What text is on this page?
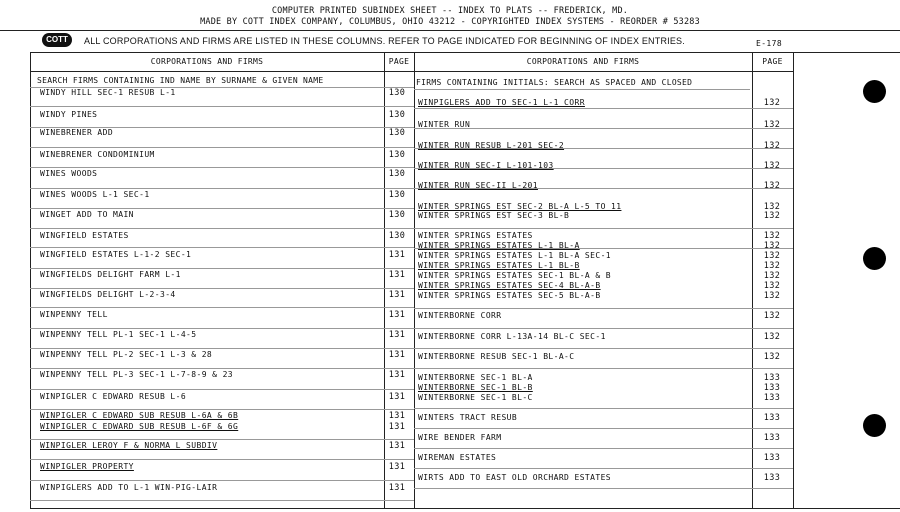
COMPUTER PRINTED SUBINDEX SHEET -- INDEX TO PLATS -- FREDERICK, MD.
MADE BY COTT INDEX COMPANY, COLUMBUS, OHIO 43212 - COPYRIGHTED INDEX SYSTEMS - REORDER # 53283
COTT	ALL CORPORATIONS AND FIRMS ARE LISTED IN THESE COLUMNS. REFER TO PAGE INDICATED FOR BEGINNING OF INDEX ENTRIES.	E-178
CORPORATIONS AND FIRMS	PAGE	CORPORATIONS AND FIRMS	PAGE
SEARCH FIRMS CONTAINING IND NAME BY SURNAME & GIVEN NAME	FIRMS CONTAINING INITIALS: SEARCH AS SPACED AND CLOSED
WINDY HILL SEC-1 RESUB L-1	130
WINDY PINES	130
WINEBRENER ADD	130
WINEBRENER CONDOMINIUM	130
WINES WOODS	130
WINES WOODS L-1 SEC-1	130
WINGET ADD TO MAIN	130
WINGFIELD ESTATES	130
WINGFIELD ESTATES L-1-2 SEC-1	131
WINGFIELDS DELIGHT FARM L-1	131
WINGFIELDS DELIGHT L-2-3-4	131
WINPENNY TELL	131
WINPENNY TELL PL-1 SEC-1 L-4-5	131
WINPENNY TELL PL-2 SEC-1 L-3 & 28	131
WINPENNY TELL PL-3 SEC-1 L-7-8-9 & 23	131
WINPIGLER C EDWARD RESUB L-6	131
WINPIGLER C EDWARD SUB RESUB L-6A & 6B	131
WINPIGLER C EDWARD SUB RESUB L-6F & 6G	131
WINPIGLER LEROY F & NORMA L SUBDIV	131
WINPIGLER PROPERTY	131
WINPIGLERS ADD TO L-1 WIN-PIG-LAIR	131
WINPIGLERS ADD TO SEC-1 L-1 CORR	132
WINTER RUN	132
WINTER RUN RESUB L-201 SEC-2	132
WINTER RUN SEC-I L-101-103	132
WINTER RUN SEC-II L-201	132
WINTER SPRINGS EST SEC-2 BL-A L-5 TO 11	132
WINTER SPRINGS EST SEC-3 BL-B	132
WINTER SPRINGS ESTATES	132
WINTER SPRINGS ESTATES L-1 BL-A	132
WINTER SPRINGS ESTATES L-1 BL-A SEC-1	132
WINTER SPRINGS ESTATES L-1 BL-B	132
WINTER SPRINGS ESTATES SEC-1 BL-A & B	132
WINTER SPRINGS ESTATES SEC-4 BL-A-B	132
WINTER SPRINGS ESTATES SEC-5 BL-A-B	132
WINTERBORNE CORR	132
WINTERBORNE CORR L-13A-14 BL-C SEC-1	132
WINTERBORNE RESUB SEC-1 BL-A-C	132
WINTERBORNE SEC-1 BL-A	133
WINTERBORNE SEC-1 BL-B	133
WINTERBORNE SEC-1 BL-C	133
WINTERS TRACT RESUB	133
WIRE BENDER FARM	133
WIREMAN ESTATES	133
WIRTS ADD TO EAST OLD ORCHARD ESTATES	133
